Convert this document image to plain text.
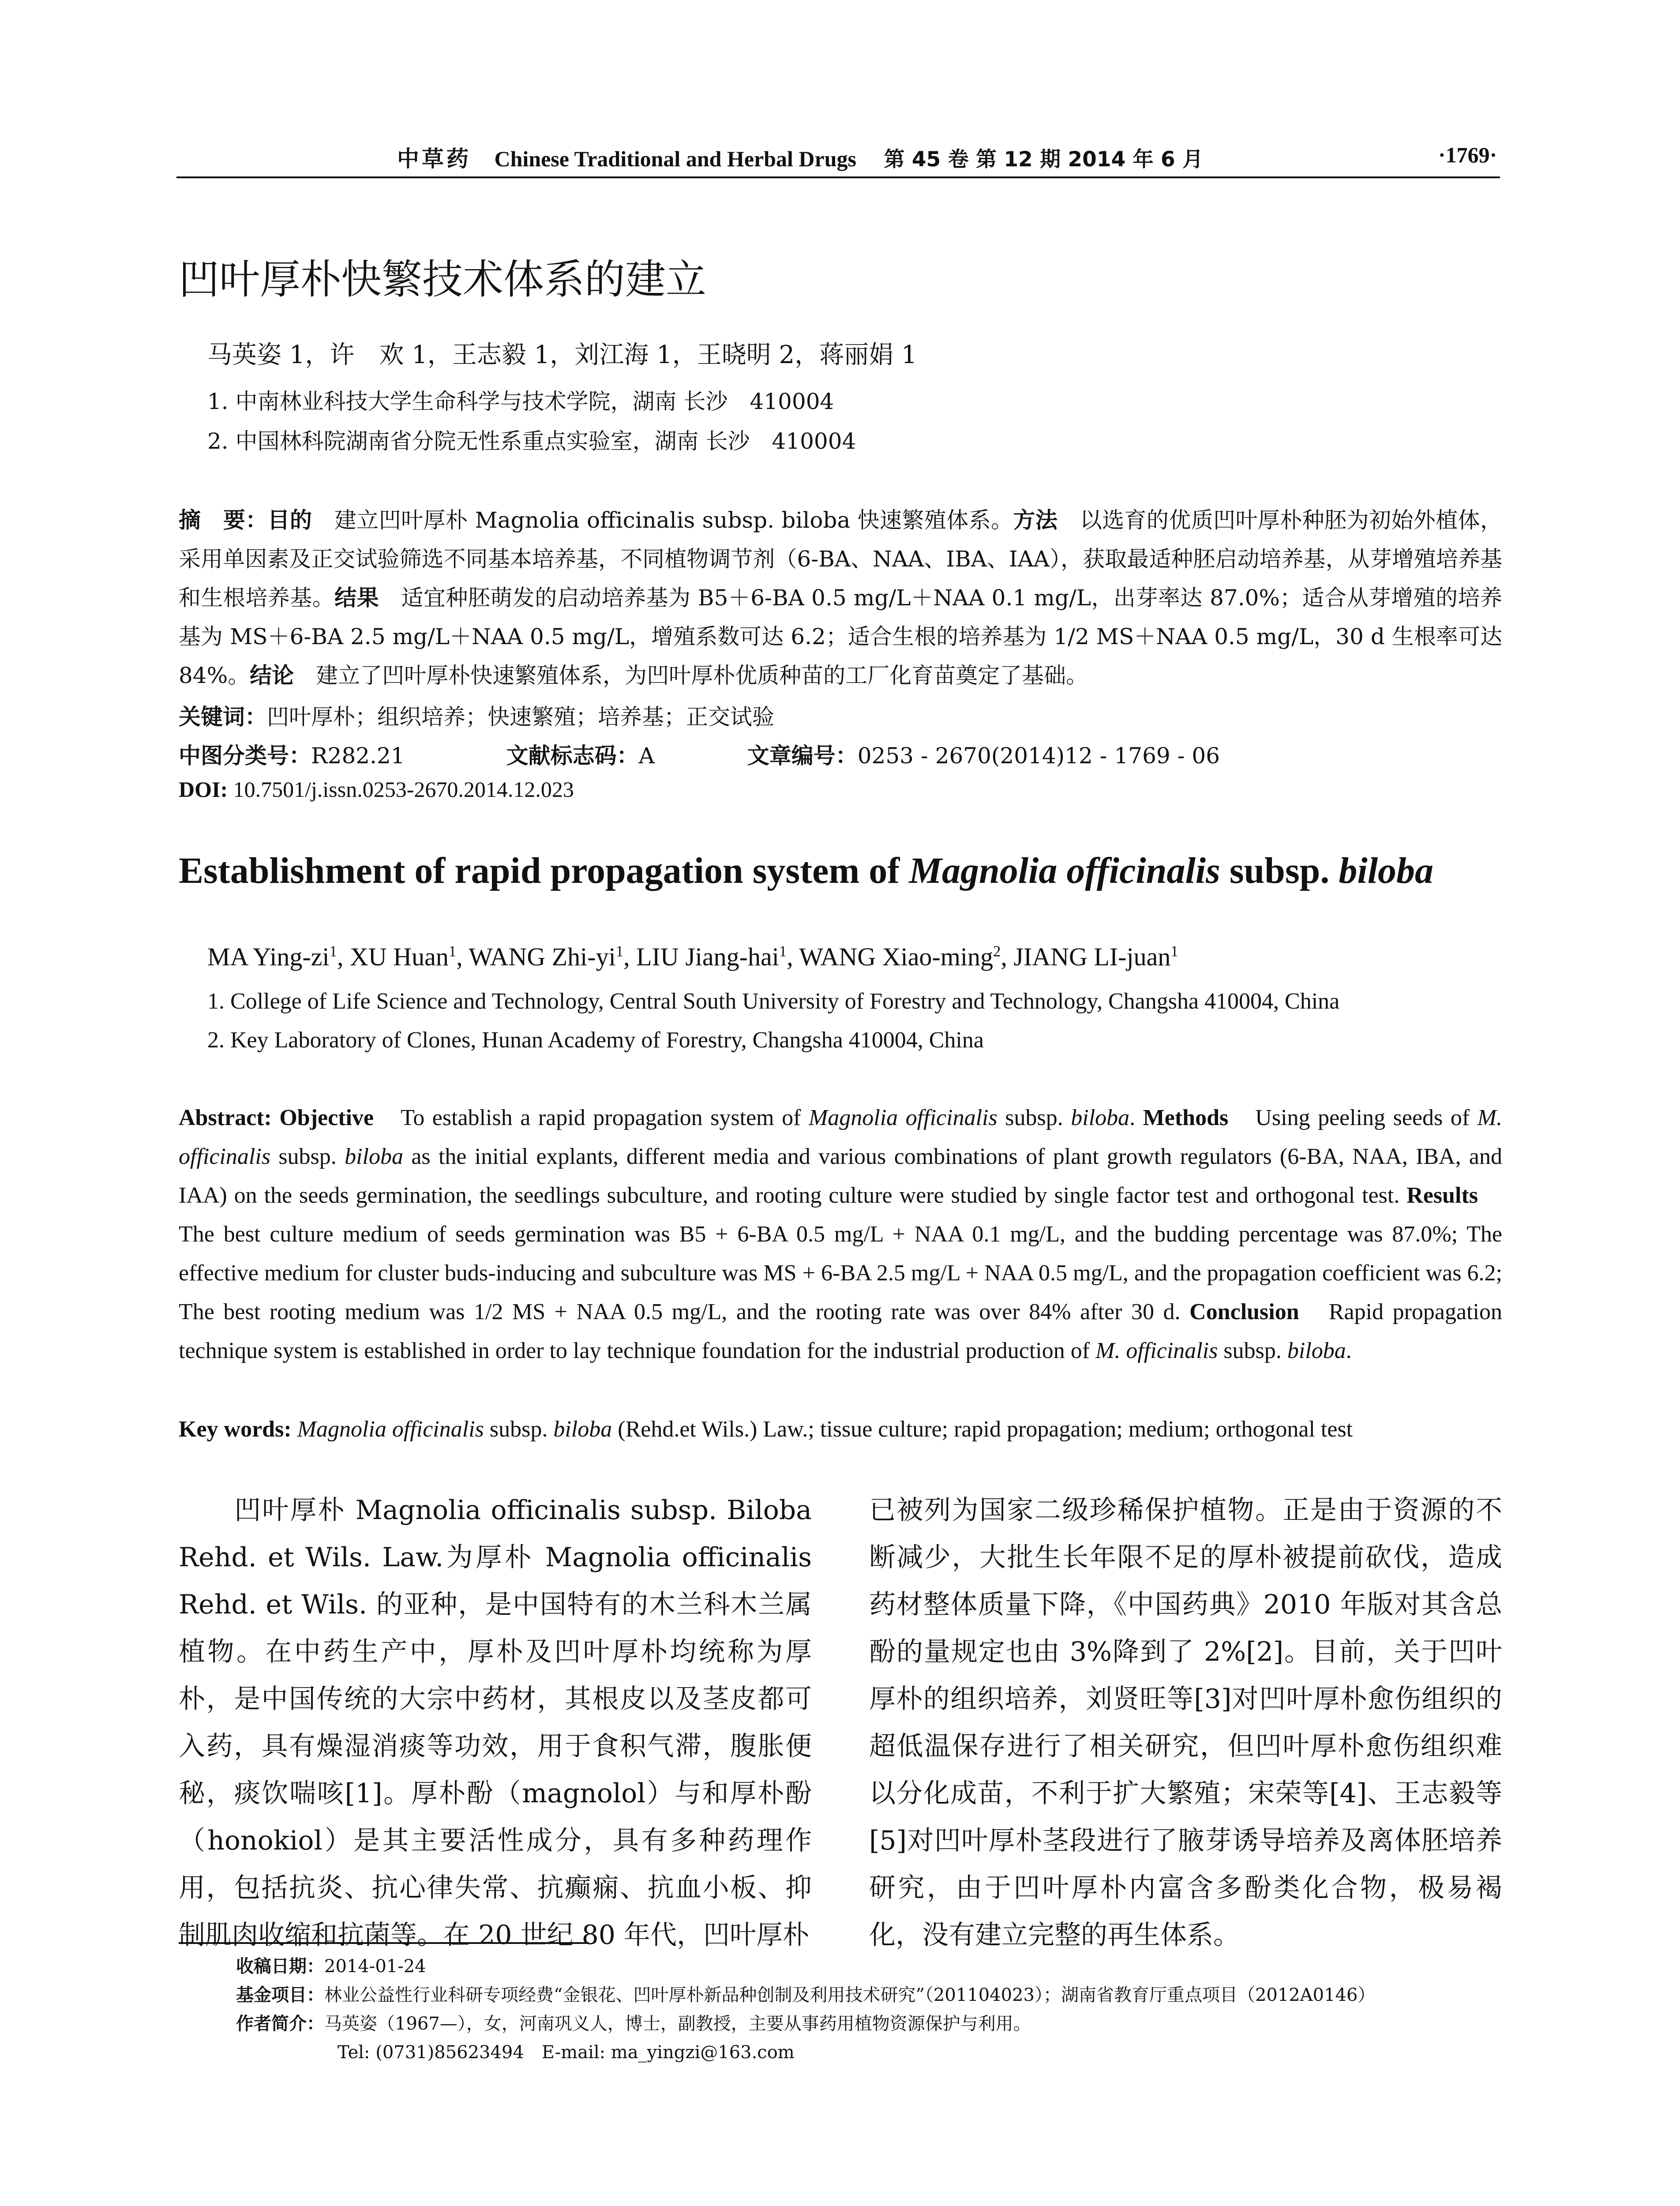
中草药 Chinese Traditional and Herbal Drugs 第 45 卷 第 12 期 2014 年 6 月	·1769·
凹叶厚朴快繁技术体系的建立
马英姿 1，许　欢 1，王志毅 1，刘江海 1，王晓明 2，蒋丽娟 1
1. 中南林业科技大学生命科学与技术学院，湖南 长沙　410004
2. 中国林科院湖南省分院无性系重点实验室，湖南 长沙　410004
摘　要：目的　建立凹叶厚朴 Magnolia officinalis subsp. biloba 快速繁殖体系。方法　以选育的优质凹叶厚朴种胚为初始外植体，采用单因素及正交试验筛选不同基本培养基，不同植物调节剂（6-BA、NAA、IBA、IAA），获取最适种胚启动培养基，从芽增殖培养基和生根培养基。结果　适宜种胚萌发的启动培养基为 B5＋6-BA 0.5 mg/L＋NAA 0.1 mg/L，出芽率达 87.0%；适合从芽增殖的培养基为 MS＋6-BA 2.5 mg/L＋NAA 0.5 mg/L，增殖系数可达 6.2；适合生根的培养基为 1/2 MS＋NAA 0.5 mg/L，30 d 生根率可达 84%。结论　建立了凹叶厚朴快速繁殖体系，为凹叶厚朴优质种苗的工厂化育苗奠定了基础。
关键词：凹叶厚朴；组织培养；快速繁殖；培养基；正交试验
中图分类号：R282.21	文献标志码：A	文章编号：0253 - 2670(2014)12 - 1769 - 06
DOI: 10.7501/j.issn.0253-2670.2014.12.023
Establishment of rapid propagation system of Magnolia officinalis subsp. biloba
MA Ying-$zi^1$, XU Huan$^1$, WANG Zhi-$yi^1$, LIU Jiang-hai$^1$, WANG Xiao-ming$^2$, JIANG LI-juan$^1$
1. College of Life Science and Technology, Central South University of Forestry and Technology, Changsha 410004, China
2. Key Laboratory of Clones, Hunan Academy of Forestry, Changsha 410004, China
Abstract: Objective　To establish a rapid propagation system of Magnolia officinalis subsp. biloba. Methods　Using peeling seeds of M. officinalis subsp. biloba as the initial explants, different media and various combinations of plant growth regulators (6-BA, NAA, IBA, and IAA) on the seeds germination, the seedlings subculture, and rooting culture were studied by single factor test and orthogonal test. Results　The best culture medium of seeds germination was B5 + 6-BA 0.5 mg/L + NAA 0.1 mg/L, and the budding percentage was 87.0%; The effective medium for cluster buds-inducing and subculture was MS + 6-BA 2.5 mg/L + NAA 0.5 mg/L, and the propagation coefficient was 6.2; The best rooting medium was 1/2 MS + NAA 0.5 mg/L, and the rooting rate was over 84% after 30 d. Conclusion　Rapid propagation technique system is established in order to lay technique foundation for the industrial production of M. officinalis subsp. biloba.
Key words: Magnolia officinalis subsp. biloba (Rehd.et Wils.) Law.; tissue culture; rapid propagation; medium; orthogonal test
　　凹叶厚朴 Magnolia officinalis subsp. Biloba Rehd. et Wils. Law.为厚朴 Magnolia officinalis Rehd. et Wils. 的亚种，是中国特有的木兰科木兰属植物。在中药生产中，厚朴及凹叶厚朴均统称为厚朴，是中国传统的大宗中药材，其根皮以及茎皮都可入药，具有燥湿消痰等功效，用于食积气滞，腹胀便秘，痰饮喘咳[1]。厚朴酚（magnolol）与和厚朴酚（honokiol）是其主要活性成分，具有多种药理作用，包括抗炎、抗心律失常、抗癫痫、抗血小板、抑制肌肉收缩和抗菌等。在 20 世纪 80 年代，凹叶厚朴
已被列为国家二级珍稀保护植物。正是由于资源的不断减少，大批生长年限不足的厚朴被提前砍伐，造成药材整体质量下降，《中国药典》2010 年版对其含总酚的量规定也由 3%降到了 2%[2]。目前，关于凹叶厚朴的组织培养，刘贤旺等[3]对凹叶厚朴愈伤组织的超低温保存进行了相关研究，但凹叶厚朴愈伤组织难以分化成苗，不利于扩大繁殖；宋荣等[4]、王志毅等[5]对凹叶厚朴茎段进行了腋芽诱导培养及离体胚培养研究，由于凹叶厚朴内富含多酚类化合物，极易褐化，没有建立完整的再生体系。
收稿日期：2014-01-24
基金项目：林业公益性行业科研专项经费“金银花、凹叶厚朴新品种创制及利用技术研究”（201104023）；湖南省教育厅重点项目（2012A0146）
作者简介：马英姿（1967—），女，河南巩义人，博士，副教授，主要从事药用植物资源保护与利用。
Tel: (0731)85623494　E-mail: ma_yingzi@163.com
